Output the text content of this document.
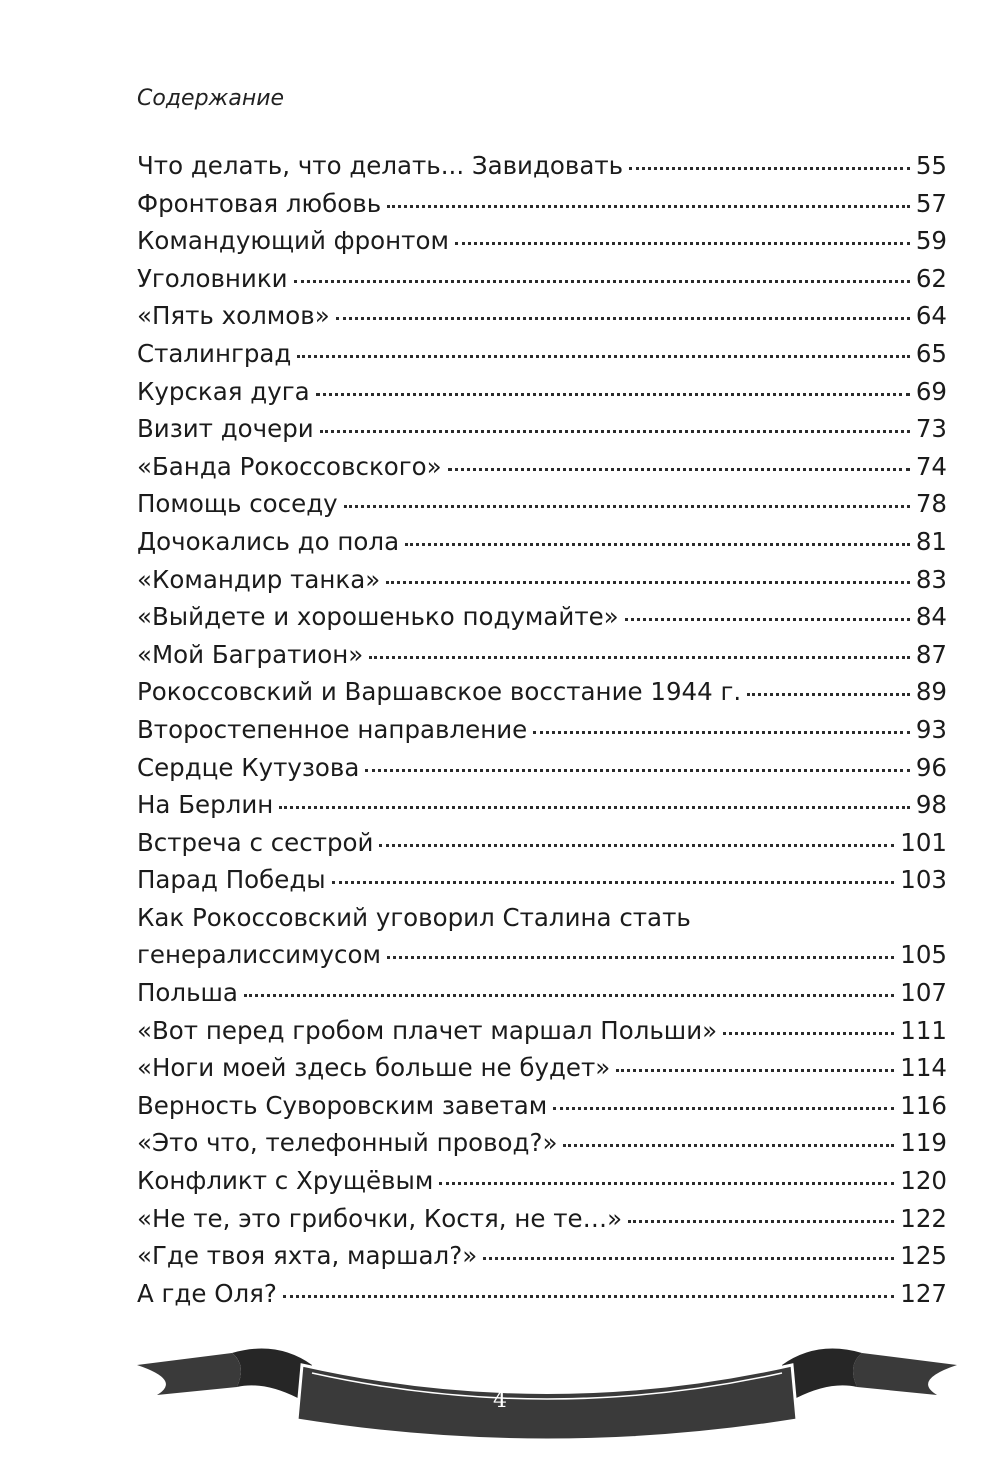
Содержание
Что делать, что делать... Завидовать	55
Фронтовая любовь	57
Командующий фронтом	59
Уголовники	62
«Пять холмов»	64
Сталинград	65
Курская дуга	69
Визит дочери	73
«Банда Рокоссовского»	74
Помощь соседу	78
Дочокались до пола	81
«Командир танка»	83
«Выйдете и хорошенько подумайте»	84
«Мой Багратион»	87
Рокоссовский и Варшавское восстание 1944 г.	89
Второстепенное направление	93
Сердце Кутузова	96
На Берлин	98
Встреча с сестрой	101
Парад Победы	103
Как Рокоссовский уговорил Сталина стать
генералиссимусом	105
Польша	107
«Вот перед гробом плачет маршал Польши»	111
«Ноги моей здесь больше не будет»	114
Верность Суворовским заветам	116
«Это что, телефонный провод?»	119
Конфликт с Хрущёвым	120
«Не те, это грибочки, Костя, не те…»	122
«Где твоя яхта, маршал?»	125
А где Оля?	127
4
